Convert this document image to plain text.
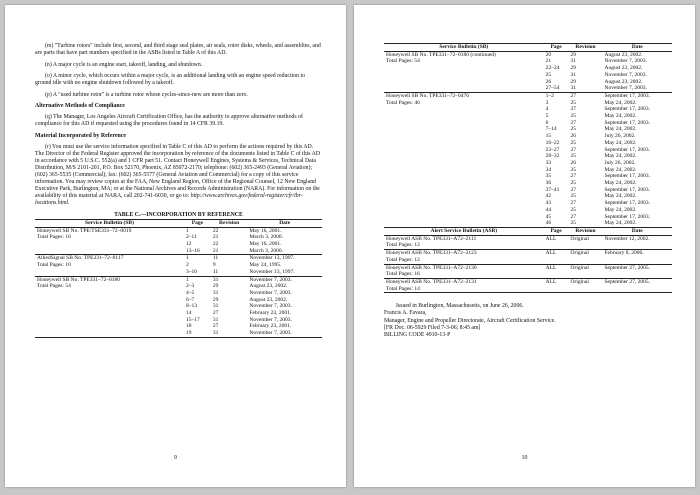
(m) "Turbine rotors" include first, second, and third stage seal plates, air seals, rotor disks, wheels, and assemblies, and are parts that have part numbers specified in the ASBs listed in Table A of this AD.

(n) A major cycle is an engine start, takeoff, landing, and shutdown.

(o) A minor cycle, which occurs within a major cycle, is an additional landing with an engine speed reduction to ground idle with no engine shutdown followed by a takeoff.

(p) A "used turbine rotor" is a turbine rotor whose cycles-since-new are more than zero.

Alternative Methods of Compliance

(q) The Manager, Los Angeles Aircraft Certification Office, has the authority to approve alternative methods of compliance for this AD if requested using the procedures found in 14 CFR 39.19.

Material Incorporated by Reference

(r) You must use the service information specified in Table C of this AD to perform the actions required by this AD. The Director of the Federal Register approved the incorporation by reference of the documents listed in Table C of this AD in accordance with 5 U.S.C. 552(a) and 1 CFR part 51. Contact Honeywell Engines, Systems & Services, Technical Data Distribution, M/S 2101-201, P.O. Box 52170, Phoenix, AZ 85072-2170; telephone: (602) 365-2493 (General Aviation); (602) 365-5535 (Commercial); fax: (602) 365-5577 (General Aviation and Commercial) for a copy of this service information. You may review copies at the FAA, New England Region, Office of the Regional Counsel, 12 New England Executive Park, Burlington, MA; or at the National Archives and Records Administration (NARA). For information on the availability of this material at NARA, call 202-741-6030, or go to: http://www.archives.gov/federal-register/cfr/ibr-locations.html.

TABLE C.—INCORPORATION BY REFERENCE
Service Bulletin (SB)	Page	Revision	Date
Honeywell SB No. TPE/TSE331–72–0019	1	22	May 16, 2001.
Total Pages: 16	2–11	21	March 3, 2000.
	12	22	May 16, 2001.
	13–16	21	March 3, 2000.
AlliedSignal SB No. TPE331–72–0117	1	11	November 13, 1997.
Total Pages: 10	2	9	May 24, 1995.
	3–10	11	November 13, 1997.
Honeywell SB No. TPE331–72–0180	1	31	November 7, 2003.
Total Pages: 54	2–3	29	August 23, 2002.
	4–5	31	November 7, 2003.
	6–7	29	August 23, 2002.
	8–13	31	November 7, 2003.
	14	27	February 23, 2001.
	15–17	31	November 7, 2003.
	18	27	February 23, 2001.
	19	31	November 7, 2003.
9
Service Bulletin (SB)	Page	Revision	Date
Honeywell SB No. TPE331–72–0180 (continued)	20	29	August 23, 2002.
Total Pages: 54	21	31	November 7, 2003.
	22–24	29	August 23, 2002.
	25	31	November 7, 2003.
	26	29	August 23, 2002.
	27–54	31	November 7, 2003.
Honeywell SB No. TPE331–72–0476	1–2	27	September 17, 2003.
Total Pages: 46	3	25	May 24, 2002.
	4	27	September 17, 2003.
	5	25	May 24, 2002.
	6	27	September 17, 2003.
	7–14	25	May 24, 2002.
	15	26	July 26, 2002.
	16–22	25	May 24, 2002.
	23–27	27	September 17, 2003.
	28–32	25	May 24, 2002.
	33	26	July 26, 2002.
	34	25	May 24, 2002.
	35	27	September 17, 2003.
	36	25	May 24, 2002.
	37–41	27	September 17, 2003.
	42	25	May 24, 2002.
	43	27	September 17, 2003.
	44	25	May 24, 2002.
	45	27	September 17, 2003.
	46	25	May 24, 2002.
Alert Service Bulletin (ASB)	Page	Revision	Date
Honeywell ASB No. TPE331–A72–2111	ALL	Original	November 12, 2002.
Total Pages: 12			
Honeywell ASB No. TPE331–A72–2123	ALL	Original	February 8, 2006.
Total Pages: 12			
Honeywell ASB No. TPE331–A72–2130	ALL	Original	September 27, 2005.
Total Pages: 16			
Honeywell ASB No. TPE331–A72–2131	ALL	Original	September 27, 2005.
Total Pages: 14			

Issued in Burlington, Massachusetts, on June 26, 2006.

Francis A. Favara,

Manager, Engine and Propeller Directorate, Aircraft Certification Service.

[FR Doc. 06-5929 Filed 7-3-06; 8:45 am]

BILLING CODE 4910-13-P

10
